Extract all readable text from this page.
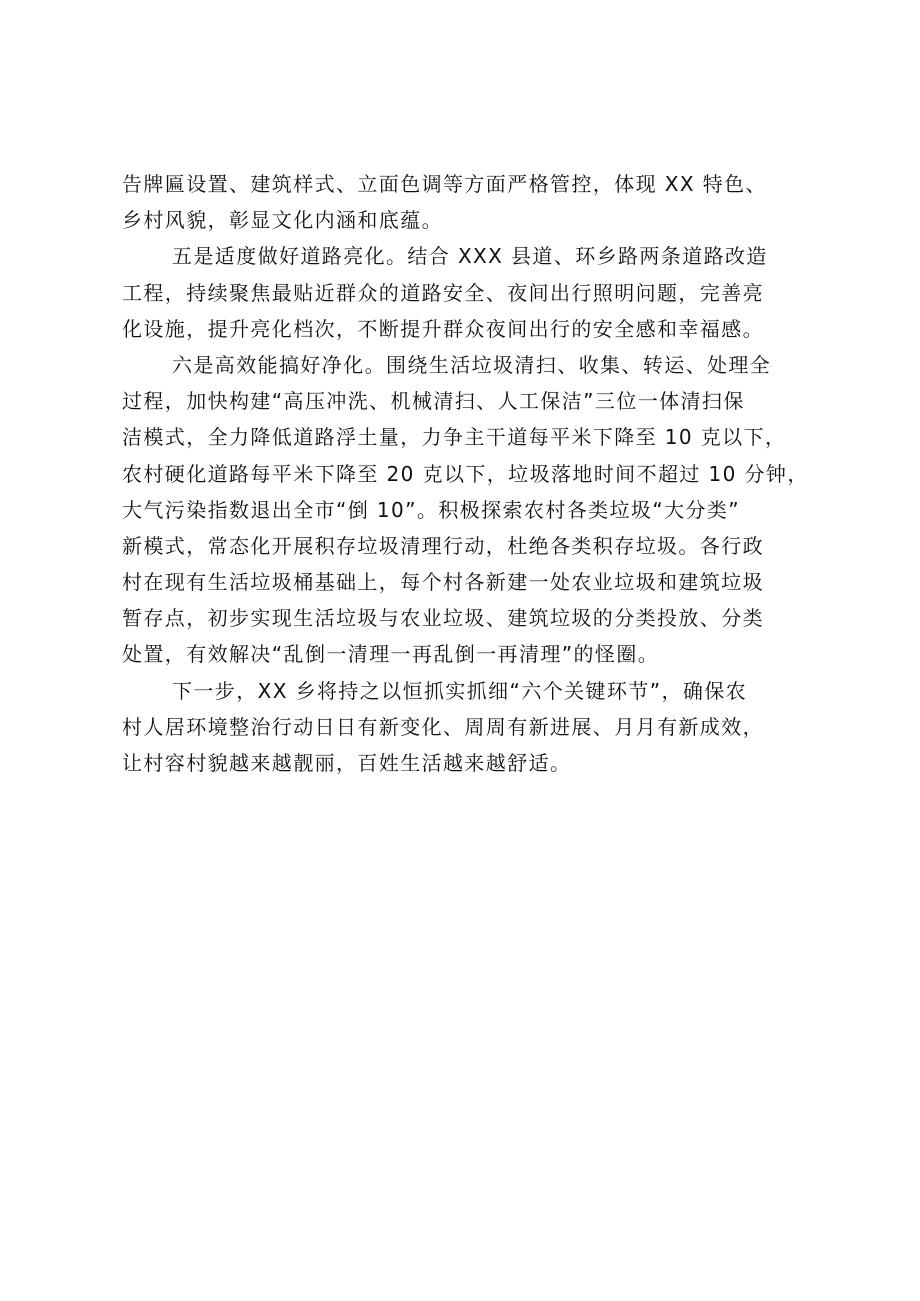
告牌匾设置、建筑样式、立面色调等方面严格管控，体现 XX 特色、
乡村风貌，彰显文化内涵和底蕴。
五是适度做好道路亮化。结合 XXX 县道、环乡路两条道路改造
工程，持续聚焦最贴近群众的道路安全、夜间出行照明问题，完善亮
化设施，提升亮化档次，不断提升群众夜间出行的安全感和幸福感。
六是高效能搞好净化。围绕生活垃圾清扫、收集、转运、处理全
过程，加快构建“高压冲洗、机械清扫、人工保洁”三位一体清扫保
洁模式，全力降低道路浮土量，力争主干道每平米下降至 10 克以下，
农村硬化道路每平米下降至 20 克以下，垃圾落地时间不超过 10 分钟，
大气污染指数退出全市“倒 10”。积极探索农村各类垃圾“大分类”
新模式，常态化开展积存垃圾清理行动，杜绝各类积存垃圾。各行政
村在现有生活垃圾桶基础上，每个村各新建一处农业垃圾和建筑垃圾
暂存点，初步实现生活垃圾与农业垃圾、建筑垃圾的分类投放、分类
处置，有效解决“乱倒一清理一再乱倒一再清理”的怪圈。
下一步，XX 乡将持之以恒抓实抓细“六个关键环节”，确保农
村人居环境整治行动日日有新变化、周周有新进展、月月有新成效，
让村容村貌越来越靓丽，百姓生活越来越舒适。
